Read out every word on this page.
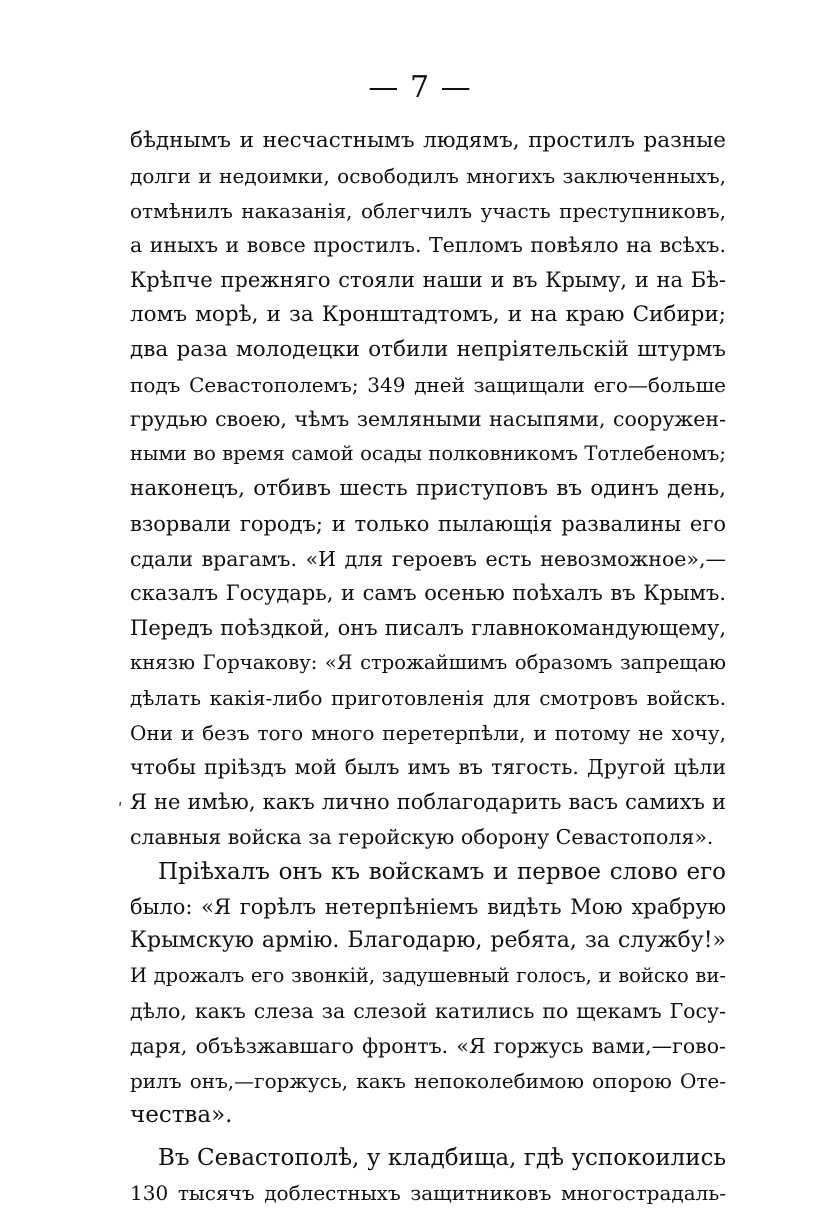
— 7 —
ʹ
бѣднымъ и несчастнымъ людямъ, простилъ разные
долги и недоимки, освободилъ многихъ заключенныхъ,
отмѣнилъ наказанія, облегчилъ участь преступниковъ,
а иныхъ и вовсе простилъ. Тепломъ повѣяло на всѣхъ.
Крѣпче прежняго стояли наши и въ Крыму, и на Бѣ-
ломъ морѣ, и за Кронштадтомъ, и на краю Сибири;
два раза молодецки отбили непріятельскій штурмъ
подъ Севастополемъ; 349 дней защищали его—больше
грудью своею, чѣмъ земляными насыпями, сооружен-
ными во время самой осады полковникомъ Тотлебеномъ;
наконецъ, отбивъ шесть приступовъ въ одинъ день,
взорвали городъ; и только пылающія развалины его
сдали врагамъ. «И для героевъ есть невозможное»,—
сказалъ Государь, и самъ осенью поѣхалъ въ Крымъ.
Передъ поѣздкой, онъ писалъ главнокомандующему,
князю Горчакову: «Я строжайшимъ образомъ запрещаю
дѣлать какія-либо приготовленія для смотровъ войскъ.
Они и безъ того много перетерпѣли, и потому не хочу,
чтобы пріѣздъ мой былъ имъ въ тягость. Другой цѣли
Я не имѣю, какъ лично поблагодарить васъ самихъ и
славныя войска за геройскую оборону Севастополя».
Пріѣхалъ онъ къ войскамъ и первое слово его
было: «Я горѣлъ нетерпѣніемъ видѣть Мою храбрую
Крымскую армію. Благодарю, ребята, за службу!»
И дрожалъ его звонкій, задушевный голосъ, и войско ви-
дѣло, какъ слеза за слезой катились по щекамъ Госу-
даря, объѣзжавшаго фронтъ. «Я горжусь вами,—гово-
рилъ онъ,—горжусь, какъ непоколебимою опорою Оте-
чества».
Въ Севастополѣ, у кладбища, гдѣ успокоились
130 тысячъ доблестныхъ защитниковъ многострадаль-
